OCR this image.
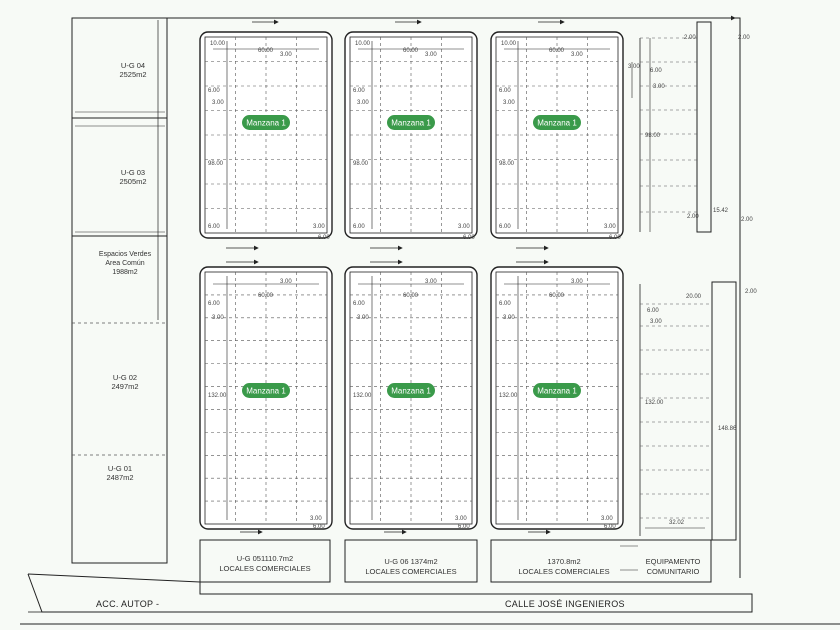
U-G 04
2525m2
U-G 03
2505m2
Espacios Verdes
Area Común
1988m2
U-G 02
2497m2
U-G 01
2487m2
Manzana 1
10.00
3.00
60.00
6.00
3.00
98.00
6.00	3.00
6.00
Manzana 1
10.00
3.00
60.00
6.00
3.00
98.00
6.00	3.00
6.00
Manzana 1
10.00
3.00
60.00
6.00
3.00
98.00
6.00	3.00
6.00
Manzana 1
3.00
60.00
6.00
3.00
132.00
3.00
6.00
Manzana 1
3.00
60.00
6.00
3.00
132.00
3.00
6.00
Manzana 1
3.00
60.00
6.00
3.00
132.00
3.00
6.00
2.00	2.00
3.00
6.00
3.00
98.00
2.00	2.00
15.42
20.00
2.00
6.00
3.00
132.00
148.86
32.02
U-G 051110.7m2
LOCALES COMERCIALES
U-G 06 1374m2
LOCALES COMERCIALES
1370.8m2
LOCALES COMERCIALES
EQUIPAMENTO
COMUNITARIO
ACC. AUTOP -	CALLE JOSÉ INGENIEROS
